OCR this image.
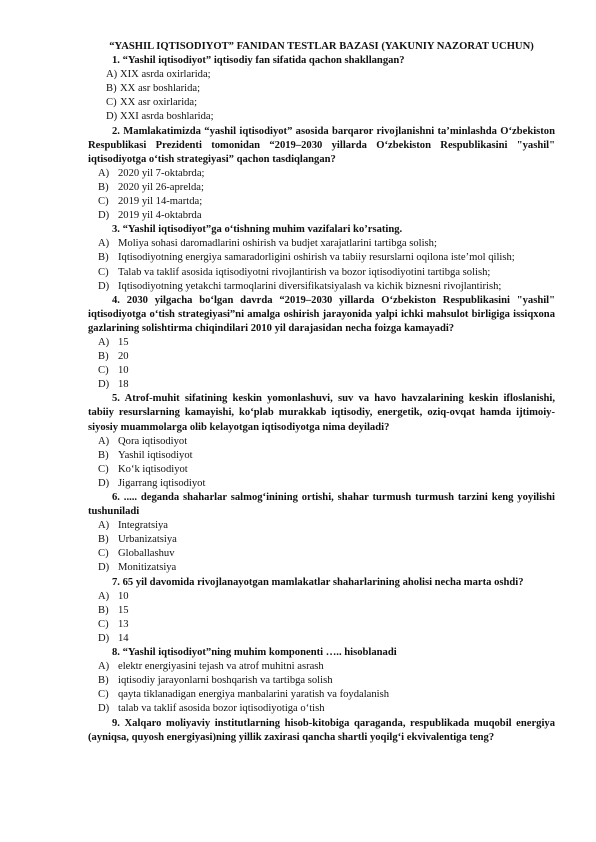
“YASHIL IQTISODIYOT” FANIDAN TESTLAR BAZASI (YAKUNIY NAZORAT UCHUN)
1. “Yashil iqtisodiyot” iqtisodiy fan sifatida qachon shakllangan?
A) XIX asrda oxirlarida;
B) XX asr boshlarida;
C) XX asr oxirlarida;
D) XXI asrda boshlarida;
2. Mamlakatimizda “yashil iqtisodiyot” asosida barqaror rivojlanishni ta’minlashda O‘zbekiston Respublikasi Prezidenti tomonidan “2019–2030 yillarda O‘zbekiston Respublikasini "yashil" iqtisodiyotga o‘tish strategiyasi” qachon tasdiqlangan?
A) 2020 yil 7-oktabrda;
B) 2020 yil 26-aprelda;
C) 2019 yil 14-martda;
D) 2019 yil 4-oktabrda
3. “Yashil iqtisodiyot”ga o‘tishning muhim vazifalari ko’rsating.
A) Moliya sohasi daromadlarini oshirish va budjet xarajatlarini tartibga solish;
B) Iqtisodiyotning energiya samaradorligini oshirish va tabiiy resurslarni oqilona iste’mol qilish;
C) Talab va taklif asosida iqtisodiyotni rivojlantirish va bozor iqtisodiyotini tartibga solish;
D) Iqtisodiyotning yetakchi tarmoqlarini diversifikatsiyalash va kichik biznesni rivojlantirish;
4. 2030 yilgacha bo‘lgan davrda “2019–2030 yillarda O‘zbekiston Respublikasini "yashil" iqtisodiyotga o‘tish strategiyasi”ni amalga oshirish jarayonida yalpi ichki mahsulot birligiga issiqxona gazlarining solishtirma chiqindilari 2010 yil darajasidan necha foizga kamayadi?
A) 15
B) 20
C) 10
D) 18
5. Atrof-muhit sifatining keskin yomonlashuvi, suv va havo havzalarining keskin ifloslanishi, tabiiy resurslarning kamayishi, ko‘plab murakkab iqtisodiy, energetik, oziq-ovqat hamda ijtimoiy-siyosiy muammolarga olib kelayotgan iqtisodiyotga nima deyiladi?
A) Qora iqtisodiyot
B) Yashil iqtisodiyot
C) Ko‘k iqtisodiyot
D) Jigarrang iqtisodiyot
6. ..... deganda shaharlar salmog‘inining ortishi, shahar turmush turmush tarzini keng yoyilishi tushuniladi
A) Integratsiya
B) Urbanizatsiya
C) Globallashuv
D) Monitizatsiya
7. 65 yil davomida rivojlanayotgan mamlakatlar shaharlarining aholisi necha marta oshdi?
A) 10
B) 15
C) 13
D) 14
8. “Yashil iqtisodiyot”ning muhim komponenti ….. hisoblanadi
A) elektr energiyasini tejash va atrof muhitni asrash
B) iqtisodiy jarayonlarni boshqarish va tartibga solish
C) qayta tiklanadigan energiya manbalarini yaratish va foydalanish
D) talab va taklif asosida bozor iqtisodiyotiga o‘tish
9. Xalqaro moliyaviy institutlarning hisob-kitobiga qaraganda, respublikada muqobil energiya (ayniqsa, quyosh energiyasi)ning yillik zaxirasi qancha shartli yoqilg‘i ekvivalentiga teng?
